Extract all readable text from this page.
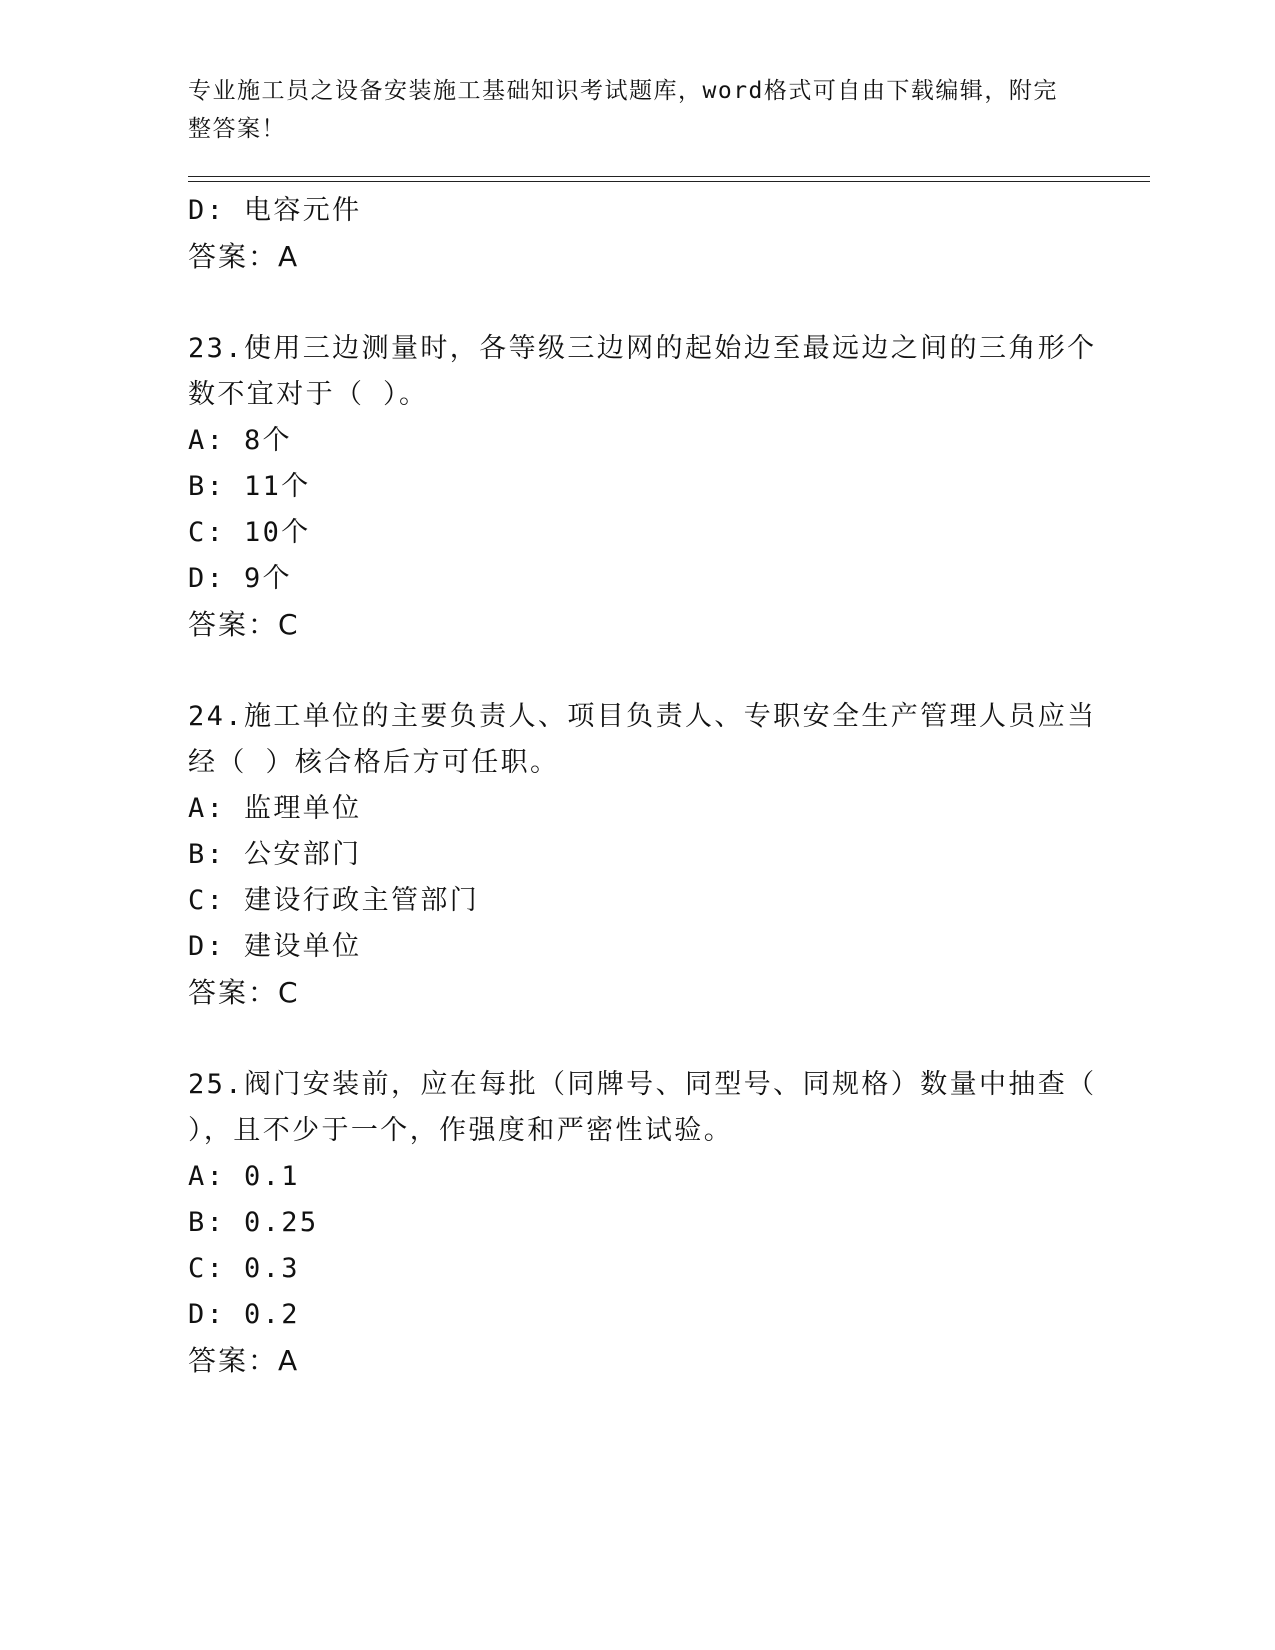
专业施工员之设备安装施工基础知识考试题库，word格式可自由下载编辑，附完
整答案！
D: 电容元件
答案：A
23.使用三边测量时，各等级三边网的起始边至最远边之间的三角形个
数不宜对于（ ）。
A: 8个
B: 11个
C: 10个
D: 9个
答案：C
24.施工单位的主要负责人、项目负责人、专职安全生产管理人员应当
经（ ）核合格后方可任职。
A: 监理单位
B: 公安部门
C: 建设行政主管部门
D: 建设单位
答案：C
25.阀门安装前，应在每批（同牌号、同型号、同规格）数量中抽查（
），且不少于一个，作强度和严密性试验。
A: 0.1
B: 0.25
C: 0.3
D: 0.2
答案：A
